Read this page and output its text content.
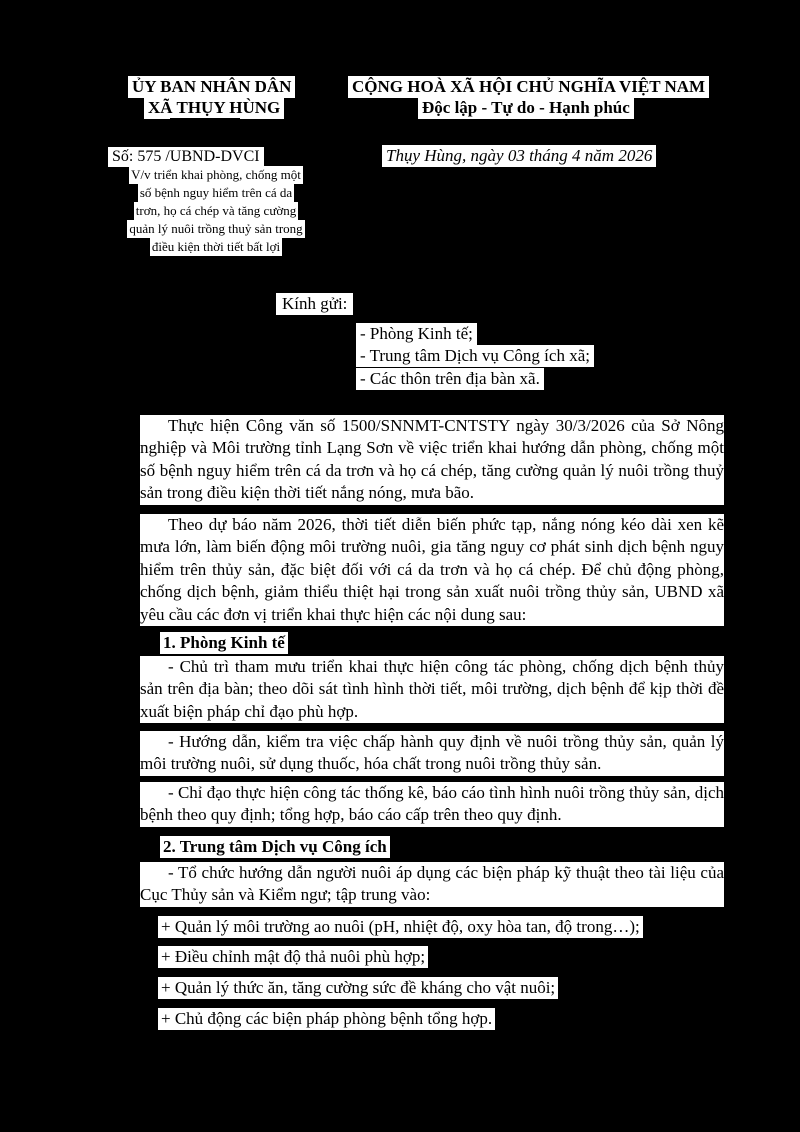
ỦY BAN NHÂN DÂN
XÃ THỤY HÙNG
CỘNG HOÀ XÃ HỘI CHỦ NGHĨA VIỆT NAM
Độc lập - Tự do - Hạnh phúc
Số: 575 /UBND-DVCI	Thụy Hùng, ngày 03 tháng 4 năm 2026
V/v triển khai phòng, chống một
số bệnh nguy hiểm trên cá da
trơn, họ cá chép và tăng cường
quản lý nuôi trồng thuỷ sản trong
điều kiện thời tiết bất lợi
Kính gửi:
- Phòng Kinh tế;
- Trung tâm Dịch vụ Công ích xã;
- Các thôn trên địa bàn xã.

Thực hiện Công văn số 1500/SNNMT-CNTSTY ngày 30/3/2026 của Sở Nông nghiệp và Môi trường tỉnh Lạng Sơn về việc triển khai hướng dẫn phòng, chống một số bệnh nguy hiểm trên cá da trơn và họ cá chép, tăng cường quản lý nuôi trồng thuỷ sản trong điều kiện thời tiết nắng nóng, mưa bão.

Theo dự báo năm 2026, thời tiết diễn biến phức tạp, nắng nóng kéo dài xen kẽ mưa lớn, làm biến động môi trường nuôi, gia tăng nguy cơ phát sinh dịch bệnh nguy hiểm trên thủy sản, đặc biệt đối với cá da trơn và họ cá chép. Để chủ động phòng, chống dịch bệnh, giảm thiểu thiệt hại trong sản xuất nuôi trồng thủy sản, UBND xã yêu cầu các đơn vị triển khai thực hiện các nội dung sau:

1. Phòng Kinh tế

- Chủ trì tham mưu triển khai thực hiện công tác phòng, chống dịch bệnh thủy sản trên địa bàn; theo dõi sát tình hình thời tiết, môi trường, dịch bệnh để kịp thời đề xuất biện pháp chỉ đạo phù hợp.

- Hướng dẫn, kiểm tra việc chấp hành quy định về nuôi trồng thủy sản, quản lý môi trường nuôi, sử dụng thuốc, hóa chất trong nuôi trồng thủy sản.

- Chỉ đạo thực hiện công tác thống kê, báo cáo tình hình nuôi trồng thủy sản, dịch bệnh theo quy định; tổng hợp, báo cáo cấp trên theo quy định.

2. Trung tâm Dịch vụ Công ích

- Tổ chức hướng dẫn người nuôi áp dụng các biện pháp kỹ thuật theo tài liệu của Cục Thủy sản và Kiểm ngư; tập trung vào:

+ Quản lý môi trường ao nuôi (pH, nhiệt độ, oxy hòa tan, độ trong…);
+ Điều chỉnh mật độ thả nuôi phù hợp;
+ Quản lý thức ăn, tăng cường sức đề kháng cho vật nuôi;
+ Chủ động các biện pháp phòng bệnh tổng hợp.
